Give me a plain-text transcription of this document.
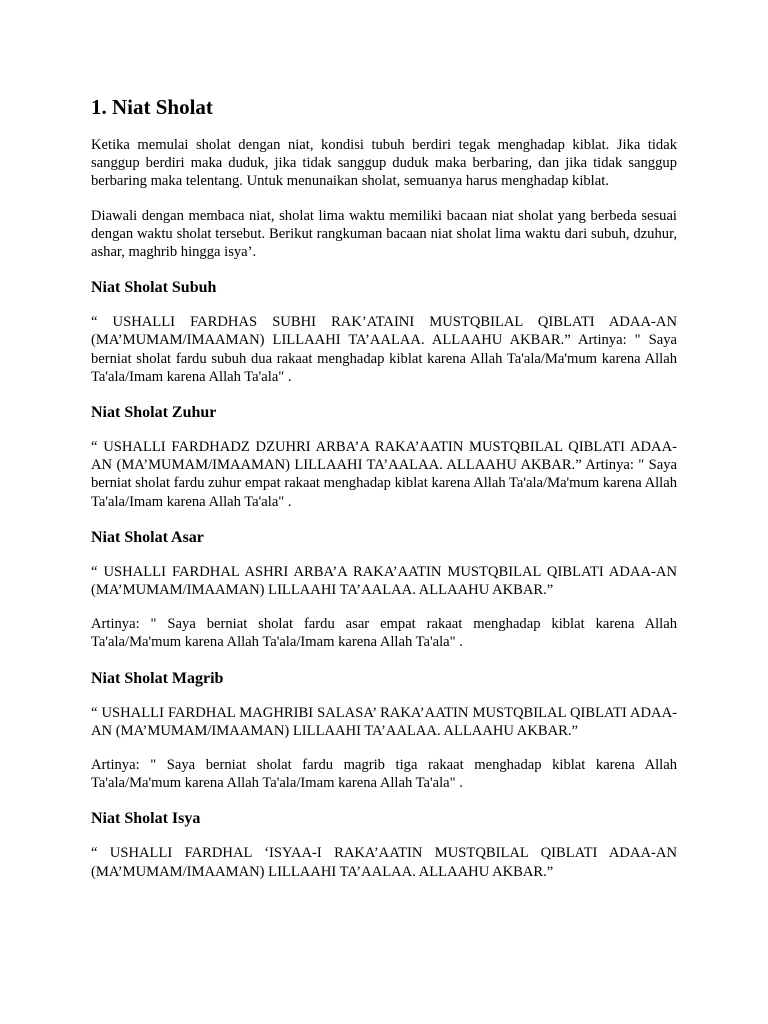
1. Niat Sholat

Ketika memulai sholat dengan niat, kondisi tubuh berdiri tegak menghadap kiblat. Jika tidak sanggup berdiri maka duduk, jika tidak sanggup duduk maka berbaring, dan jika tidak sanggup berbaring maka telentang. Untuk menunaikan sholat, semuanya harus menghadap kiblat.

Diawali dengan membaca niat, sholat lima waktu memiliki bacaan niat sholat yang berbeda sesuai dengan waktu sholat tersebut. Berikut rangkuman bacaan niat sholat lima waktu dari subuh, dzuhur, ashar, maghrib hingga isya’.

Niat Sholat Subuh

“ USHALLI FARDHAS SUBHI RAK’ATAINI MUSTQBILAL QIBLATI ADAA-AN (MA’MUMAM/IMAAMAN) LILLAAHI TA’AALAA. ALLAAHU AKBAR.” Artinya: " Saya berniat sholat fardu subuh dua rakaat menghadap kiblat karena Allah Ta'ala/Ma'mum karena Allah Ta'ala/Imam karena Allah Ta'ala" .

Niat Sholat Zuhur

“ USHALLI FARDHADZ DZUHRI ARBA’A RAKA’AATIN MUSTQBILAL QIBLATI ADAA-AN (MA’MUMAM/IMAAMAN) LILLAAHI TA’AALAA. ALLAAHU AKBAR.” Artinya: " Saya berniat sholat fardu zuhur empat rakaat menghadap kiblat karena Allah Ta'ala/Ma'mum karena Allah Ta'ala/Imam karena Allah Ta'ala" .

Niat Sholat Asar

“ USHALLI FARDHAL ASHRI ARBA’A RAKA’AATIN MUSTQBILAL QIBLATI ADAA-AN (MA’MUMAM/IMAAMAN) LILLAAHI TA’AALAA. ALLAAHU AKBAR.”

Artinya: " Saya berniat sholat fardu asar empat rakaat menghadap kiblat karena Allah Ta'ala/Ma'mum karena Allah Ta'ala/Imam karena Allah Ta'ala" .

Niat Sholat Magrib

“ USHALLI FARDHAL MAGHRIBI SALASA’ RAKA’AATIN MUSTQBILAL QIBLATI ADAA-AN (MA’MUMAM/IMAAMAN) LILLAAHI TA’AALAA. ALLAAHU AKBAR.”

Artinya: " Saya berniat sholat fardu magrib tiga rakaat menghadap kiblat karena Allah Ta'ala/Ma'mum karena Allah Ta'ala/Imam karena Allah Ta'ala" .

Niat Sholat Isya

“ USHALLI FARDHAL ‘ISYAA-I RAKA’AATIN MUSTQBILAL QIBLATI ADAA-AN (MA’MUMAM/IMAAMAN) LILLAAHI TA’AALAA. ALLAAHU AKBAR.”
